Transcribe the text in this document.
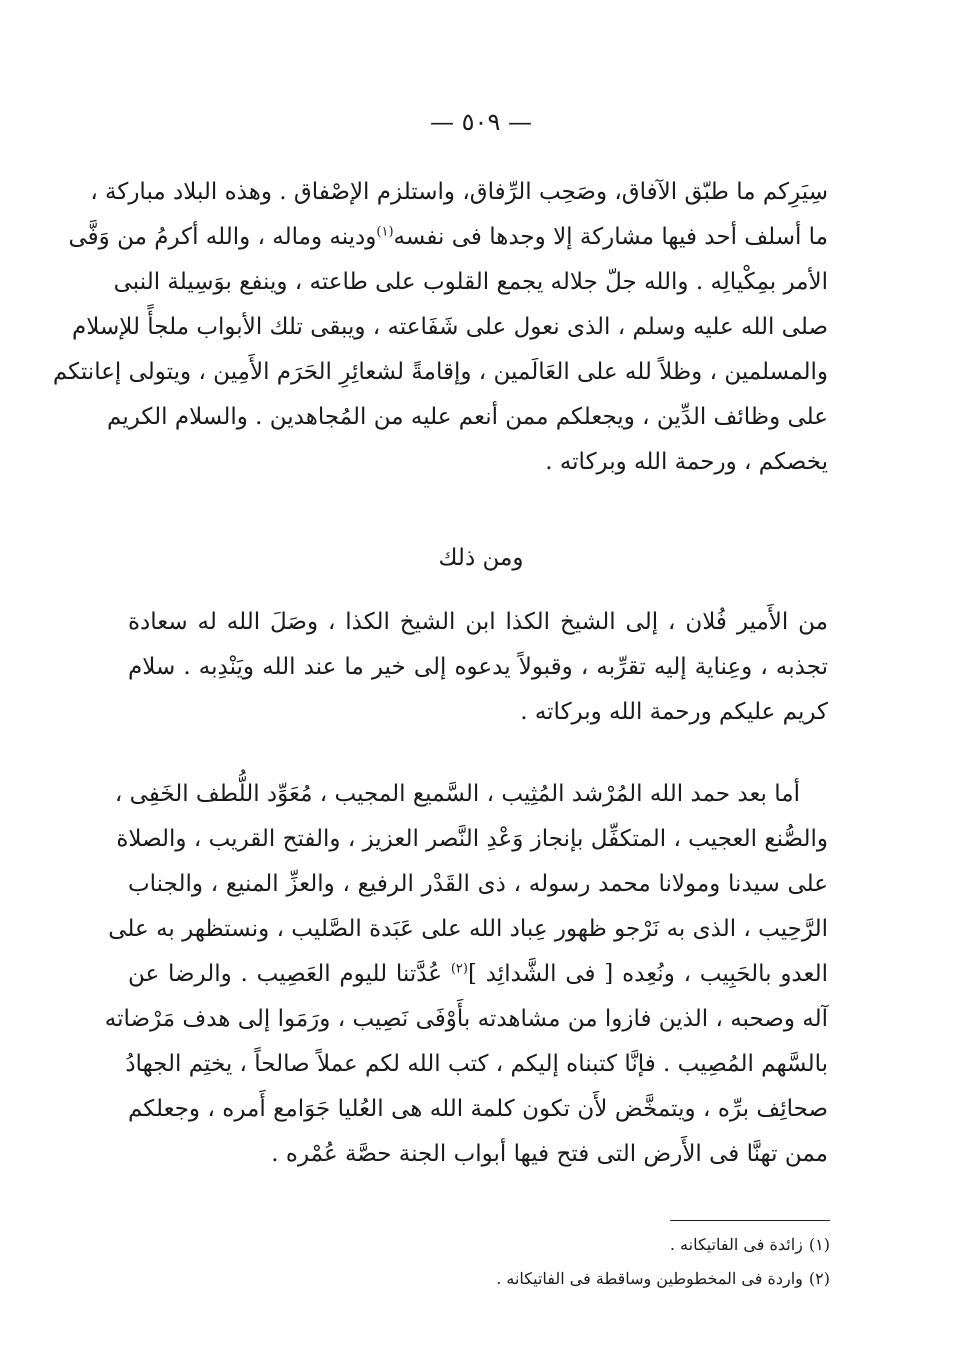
— ٥٠٩ —
سِيَرِكم ما طبّق الآفاق، وصَحِب الرِّفاق، واستلزم الإصْفاق . وهذه البلاد مباركة ،
ما أسلف أحد فيها مشاركة إلا وجدها فى نفسه$^{(١)}$ودينه وماله ، والله أكرمُ من وَفَّى
الأمر بمِكْيالِه . والله جلّ جلاله يجمع القلوب على طاعته ، وينفع بوَسِيلة النبى
صلى الله عليه وسلم ، الذى نعول على شَفَاعته ، ويبقى تلك الأبواب ملجأً للإسلام
والمسلمين ، وظلاً لله على العَالَمين ، وإقامةً لشعائِرِ الحَرَم الأَمِين ، ويتولى إعانتكم
على وظائف الدِّين ، ويجعلكم ممن أنعم عليه من المُجاهدين . والسلام الكريم
يخصكم ، ورحمة الله وبركاته .
ومن ذلك
من الأَمير فُلان ، إلى الشيخ الكذا ابن الشيخ الكذا ، وصَلَ الله له سعادة
تجذبه ، وعِناية إليه تقرِّبه ، وقبولاً يدعوه إلى خير ما عند الله ويَنْدِبه . سلام
كريم عليكم ورحمة الله وبركاته .
أما بعد حمد الله المُرْشد المُثِيب ، السَّميع المجيب ، مُعَوِّد اللُّطف الخَفِى ،
والصُّنع العجيب ، المتكفِّل بإنجاز وَعْدِ النَّصر العزيز ، والفتح القريب ، والصلاة
على سيدنا ومولانا محمد رسوله ، ذى القَدْر الرفيع ، والعزِّ المنيع ، والجناب
الرَّحِيب ، الذى به نَرْجو ظهور عِباد الله على عَبَدة الصَّليب ، ونستظهر به على
العدو بالحَبِيب ، ونُعِده [ فى الشَّدائِد ]$^{(٢)}$ عُدَّتنا لليوم العَصِيب . والرضا عن
آله وصحبه ، الذين فازوا من مشاهدته بأَوْفَى نَصِيب ، ورَمَوا إلى هدف مَرْضاته
بالسَّهم المُصِيب . فإنَّا كتبناه إليكم ، كتب الله لكم عملاً صالحاً ، يختِم الجهادُ
صحائِف برِّه ، ويتمخَّض لأَن تكون كلمة الله هى العُليا جَوَامع أَمره ، وجعلكم
ممن تهنَّا فى الأَرض التى فتح فيها أبواب الجنة حصَّة عُمْره .
(١)زائدة فى الفاتيكانه .
(٢)واردة فى المخطوطين وساقطة فى الفاتيكانه .
